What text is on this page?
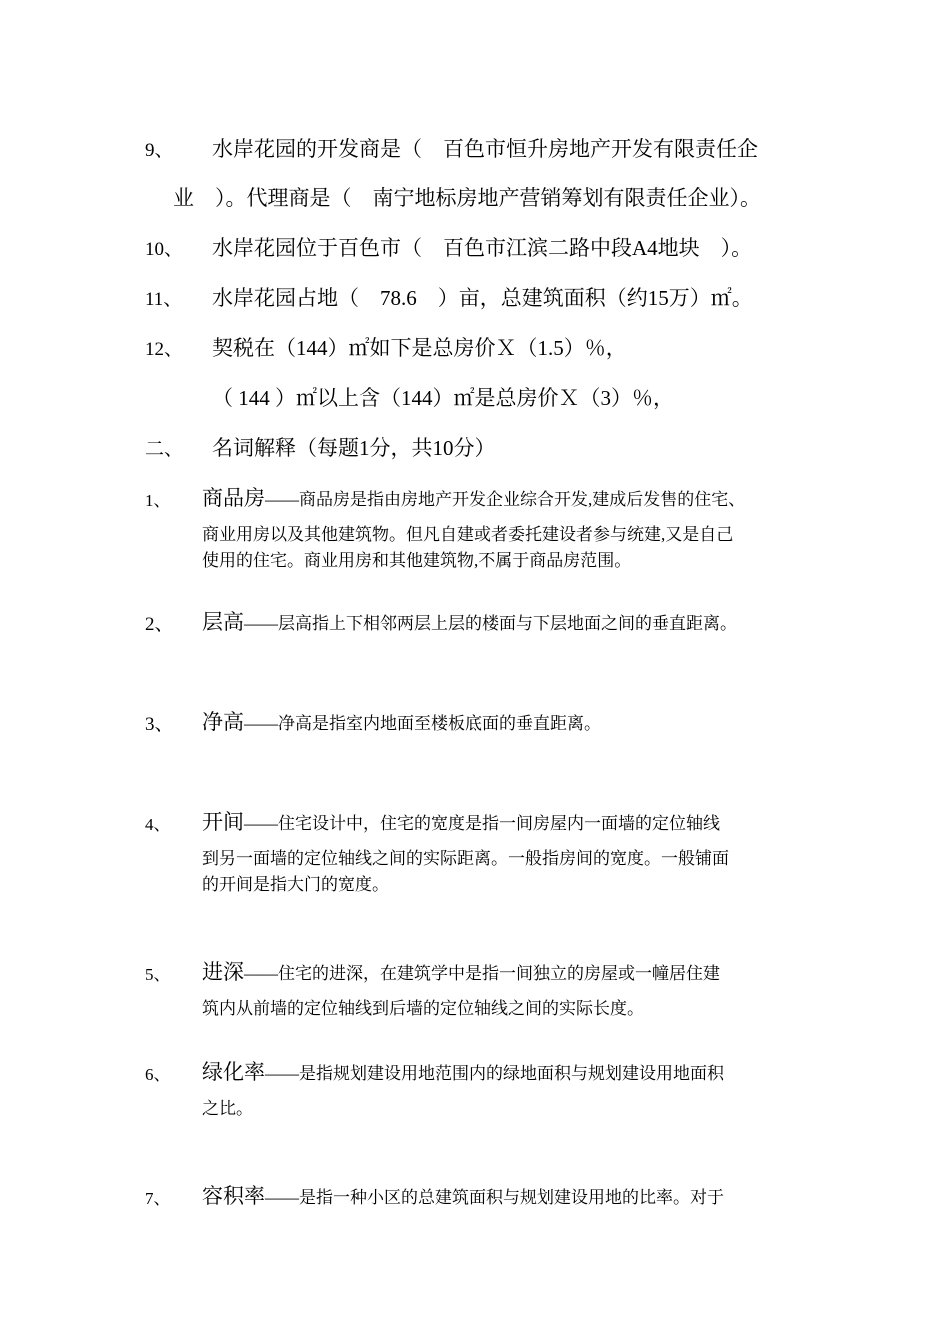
9、 水岸花园的开发商是（　百色市恒升房地产开发有限责任企
业　）。代理商是（　南宁地标房地产营销筹划有限责任企业）。
10、 水岸花园位于百色市（　百色市江滨二路中段A4地块　）。
11、 水岸花园占地（　78.6　）亩，总建筑面积（约15万）㎡。
12、 契税在（144）㎡如下是总房价Ｘ（1.5）％，
（ 144 ）㎡以上含（144）㎡是总房价Ｘ（3）％，
二、 名词解释（每题1分，共10分）
1、 商品房——商品房是指由房地产开发企业综合开发,建成后发售的住宅、
商业用房以及其他建筑物。但凡自建或者委托建设者参与统建,又是自己
使用的住宅。商业用房和其他建筑物,不属于商品房范围。
2、 层高——层高指上下相邻两层上层的楼面与下层地面之间的垂直距离。
3、 净高——净高是指室内地面至楼板底面的垂直距离。
4、 开间——住宅设计中，住宅的宽度是指一间房屋内一面墙的定位轴线
到另一面墙的定位轴线之间的实际距离。一般指房间的宽度。一般铺面
的开间是指大门的宽度。
5、 进深——住宅的进深，在建筑学中是指一间独立的房屋或一幢居住建
筑内从前墙的定位轴线到后墙的定位轴线之间的实际长度。
6、 绿化率——是指规划建设用地范围内的绿地面积与规划建设用地面积
之比。
7、 容积率——是指一种小区的总建筑面积与规划建设用地的比率。对于
